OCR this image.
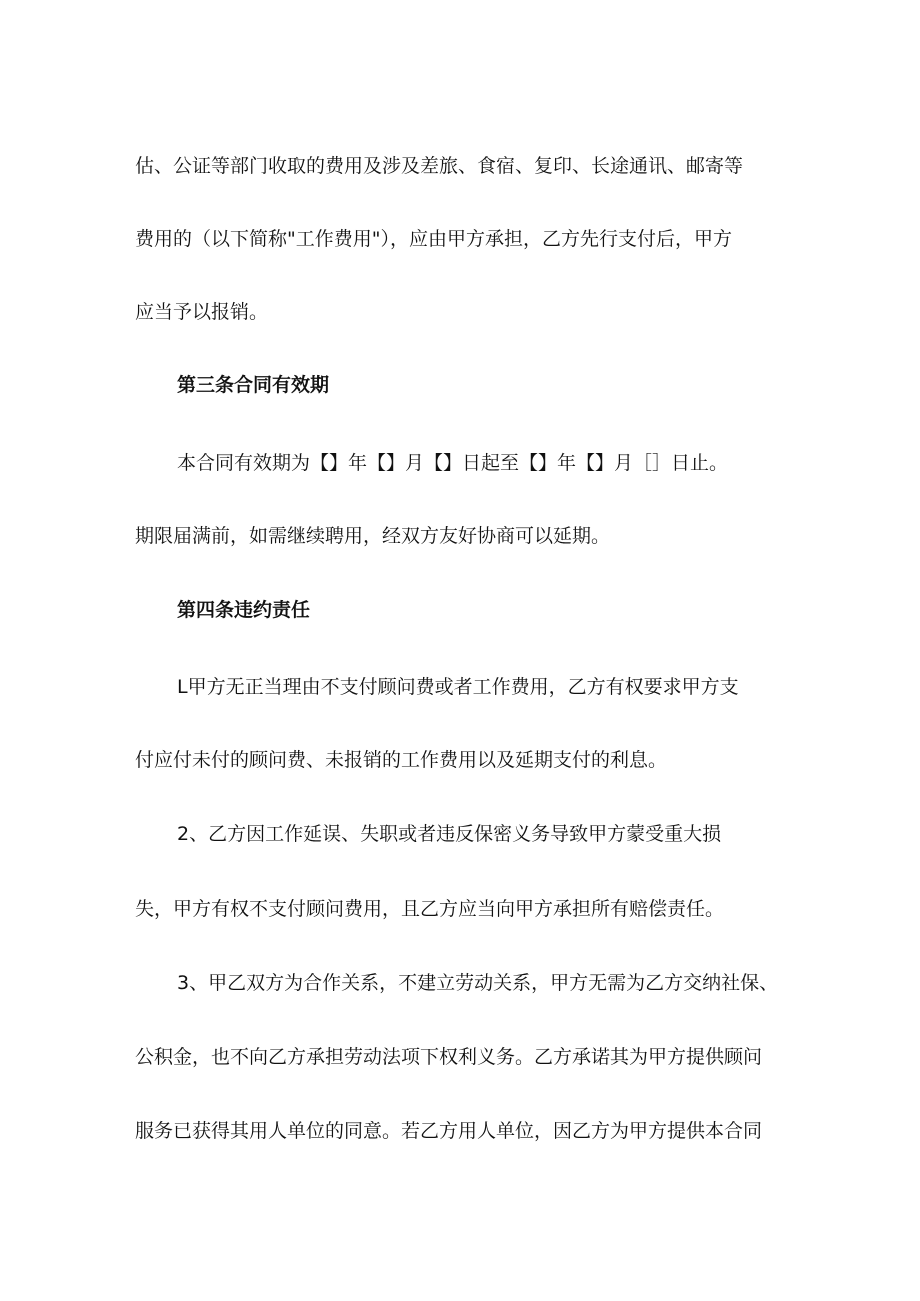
估、公证等部门收取的费用及涉及差旅、食宿、复印、长途通讯、邮寄等
费用的（以下简称"工作费用"），应由甲方承担，乙方先行支付后，甲方
应当予以报销。
第三条合同有效期
本合同有效期为【】年【】月【】日起至【】年【】月［］日止。
期限届满前，如需继续聘用，经双方友好协商可以延期。
第四条违约责任
L甲方无正当理由不支付顾问费或者工作费用，乙方有权要求甲方支
付应付未付的顾问费、未报销的工作费用以及延期支付的利息。
2、乙方因工作延误、失职或者违反保密义务导致甲方蒙受重大损
失，甲方有权不支付顾问费用，且乙方应当向甲方承担所有赔偿责任。
3、甲乙双方为合作关系，不建立劳动关系，甲方无需为乙方交纳社保、
公积金，也不向乙方承担劳动法项下权利义务。乙方承诺其为甲方提供顾问
服务已获得其用人单位的同意。若乙方用人单位，因乙方为甲方提供本合同
